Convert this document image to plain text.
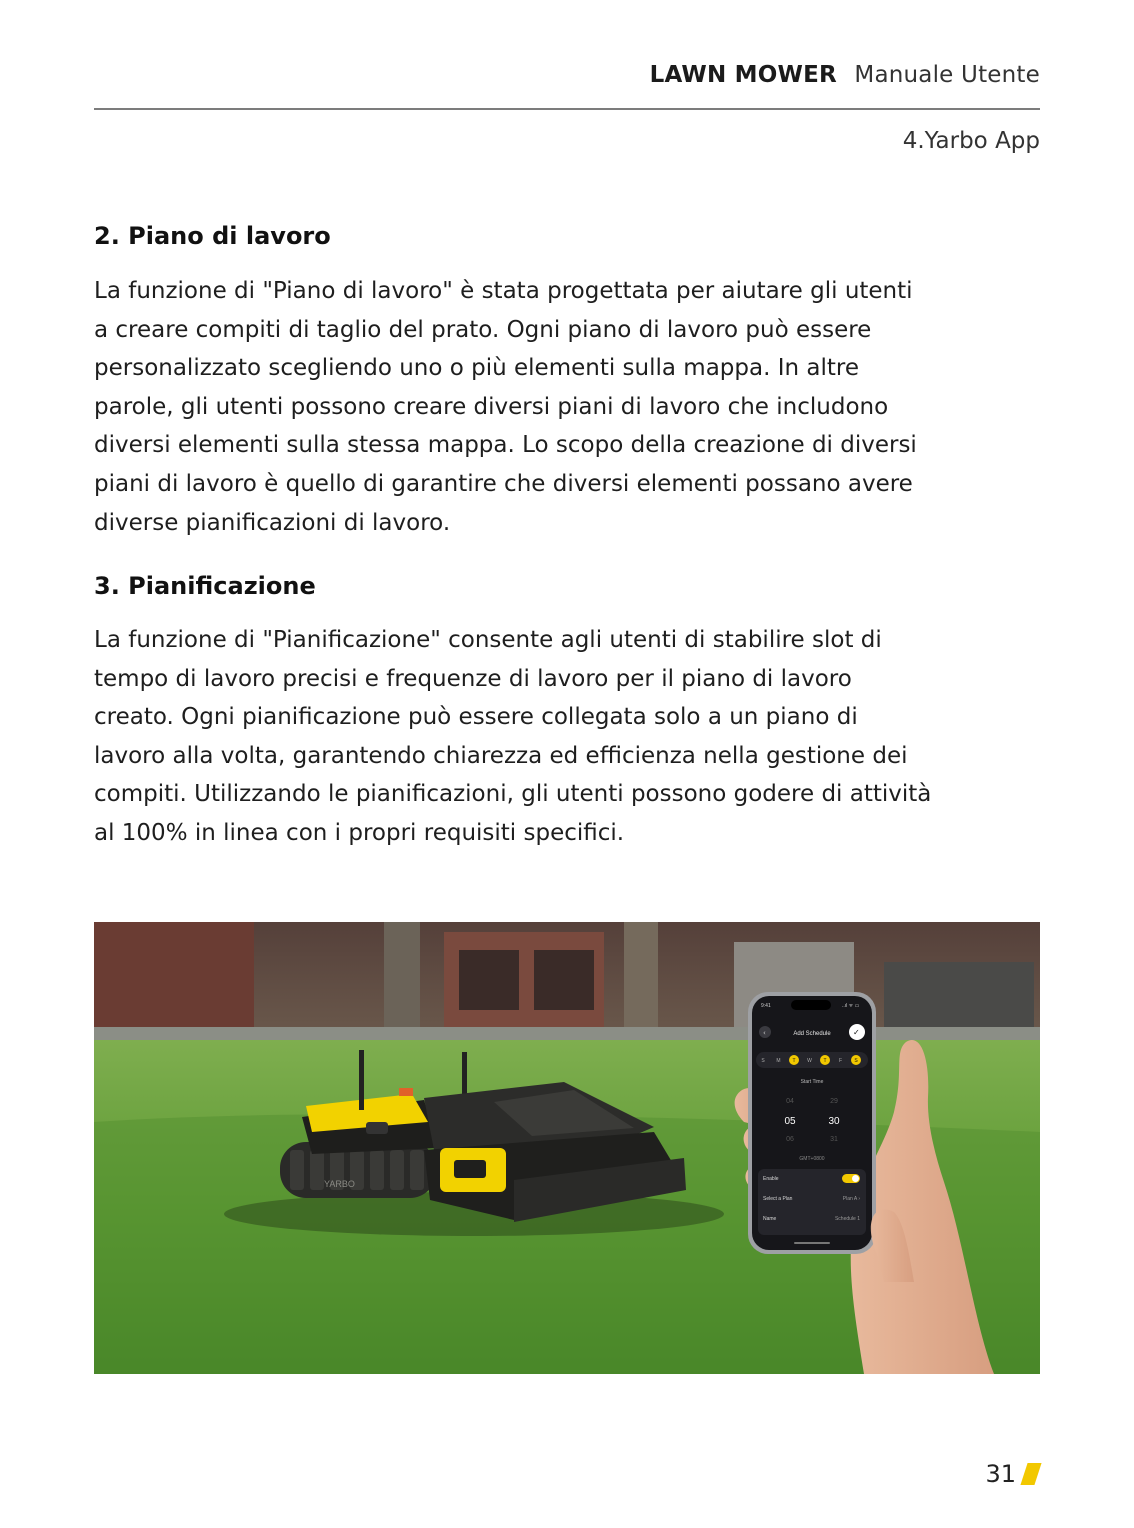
LAWN MOWER Manuale Utente
4.Yarbo App
2. Piano di lavoro
La funzione di "Piano di lavoro" è stata progettata per aiutare gli utenti
a creare compiti di taglio del prato. Ogni piano di lavoro può essere
personalizzato scegliendo uno o più elementi sulla mappa. In altre
parole, gli utenti possono creare diversi piani di lavoro che includono
diversi elementi sulla stessa mappa. Lo scopo della creazione di diversi
piani di lavoro è quello di garantire che diversi elementi possano avere
diverse pianificazioni di lavoro.
3. Pianificazione
La funzione di "Pianificazione" consente agli utenti di stabilire slot di
tempo di lavoro precisi e frequenze di lavoro per il piano di lavoro
creato. Ogni pianificazione può essere collegata solo a un piano di
lavoro alla volta, garantendo chiarezza ed efficienza nella gestione dei
compiti. Utilizzando le pianificazioni, gli utenti possono godere di attività
al 100% in linea con i propri requisiti specifici.
YARBO
9:41	..ıl ᯤ ▭
‹	Add Schedule	✓
S M T W T F S
Start Time
04
05
06
29
30
31
GMT+0800
Enable
Select a Plan	Plan A ›
Name	Schedule 1
31
